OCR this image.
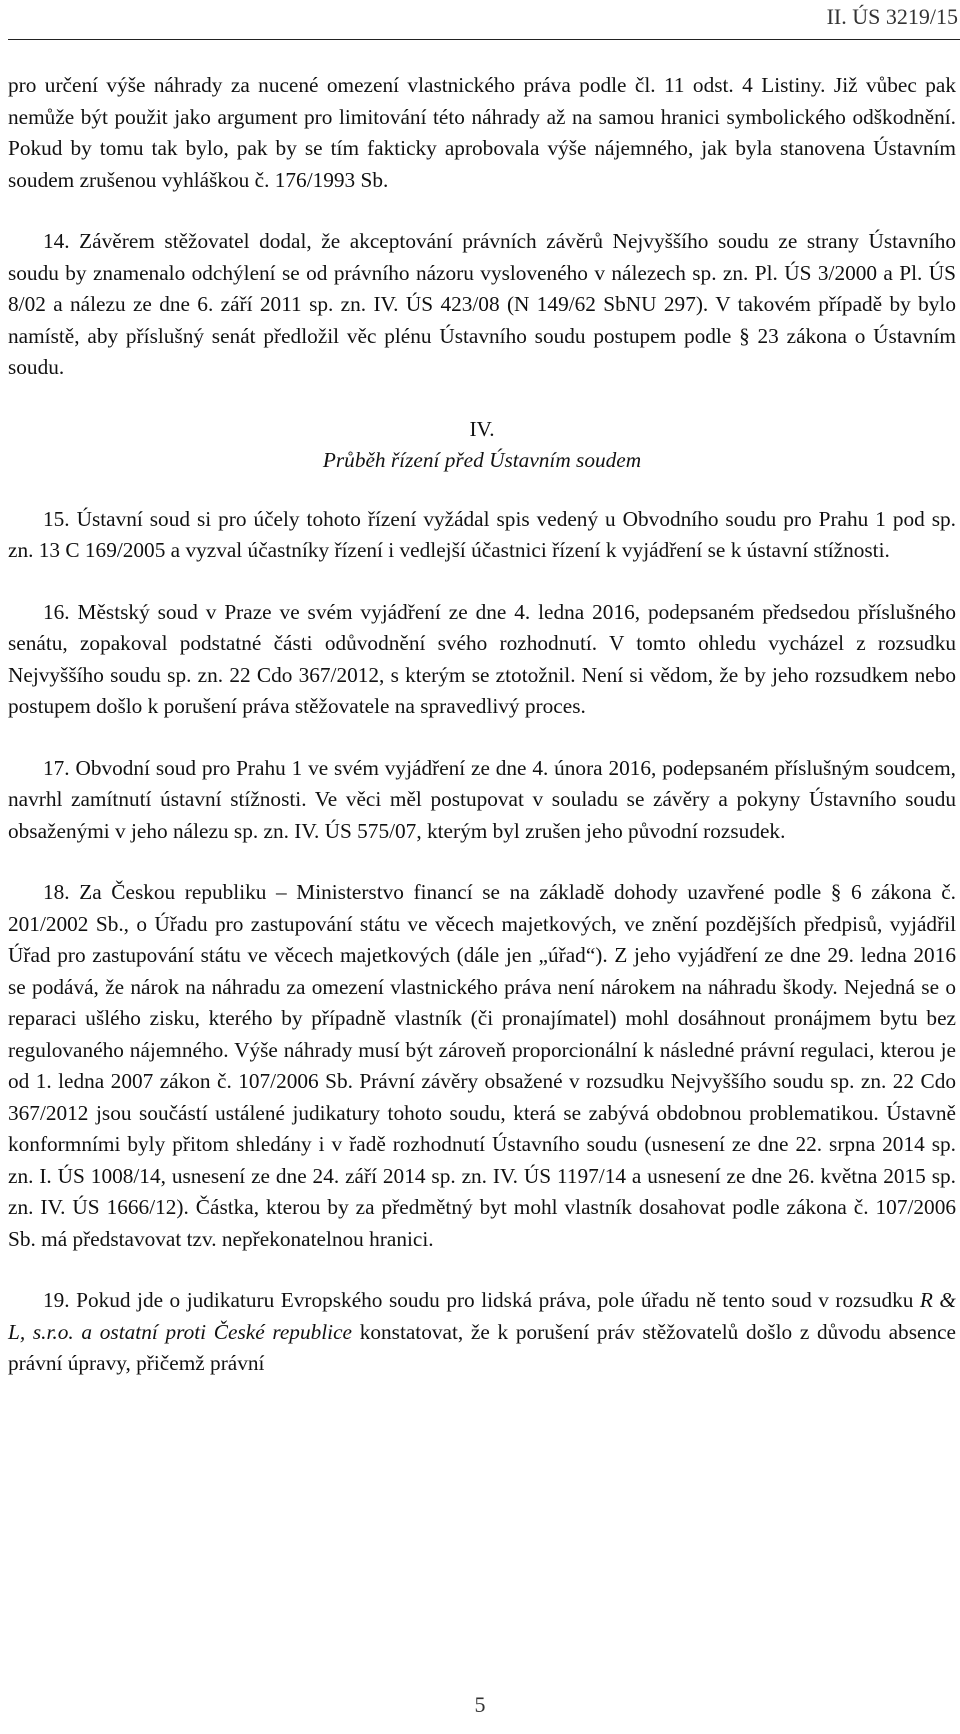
II. ÚS 3219/15

pro určení výše náhrady za nucené omezení vlastnického práva podle čl. 11 odst. 4 Listiny. Již vůbec pak nemůže být použit jako argument pro limitování této náhrady až na samou hranici symbolického odškodnění. Pokud by tomu tak bylo, pak by se tím fakticky aprobovala výše nájemného, jak byla stanovena Ústavním soudem zrušenou vyhláškou č. 176/1993 Sb.

14. Závěrem stěžovatel dodal, že akceptování právních závěrů Nejvyššího soudu ze strany Ústavního soudu by znamenalo odchýlení se od právního názoru vysloveného v nálezech sp. zn. Pl. ÚS 3/2000 a Pl. ÚS 8/02 a nálezu ze dne 6. září 2011 sp. zn. IV. ÚS 423/08 (N 149/62 SbNU 297). V takovém případě by bylo namístě, aby příslušný senát předložil věc plénu Ústavního soudu postupem podle § 23 zákona o Ústavním soudu.

IV.
Průběh řízení před Ústavním soudem

15. Ústavní soud si pro účely tohoto řízení vyžádal spis vedený u Obvodního soudu pro Prahu 1 pod sp. zn. 13 C 169/2005 a vyzval účastníky řízení i vedlejší účastnici řízení k vyjádření se k ústavní stížnosti.

16. Městský soud v Praze ve svém vyjádření ze dne 4. ledna 2016, podepsaném předsedou příslušného senátu, zopakoval podstatné části odůvodnění svého rozhodnutí. V tomto ohledu vycházel z rozsudku Nejvyššího soudu sp. zn. 22 Cdo 367/2012, s kterým se ztotožnil. Není si vědom, že by jeho rozsudkem nebo postupem došlo k porušení práva stěžovatele na spravedlivý proces.

17. Obvodní soud pro Prahu 1 ve svém vyjádření ze dne 4. února 2016, podepsaném příslušným soudcem, navrhl zamítnutí ústavní stížnosti. Ve věci měl postupovat v souladu se závěry a pokyny Ústavního soudu obsaženými v jeho nálezu sp. zn. IV. ÚS 575/07, kterým byl zrušen jeho původní rozsudek.

18. Za Českou republiku – Ministerstvo financí se na základě dohody uzavřené podle § 6 zákona č. 201/2002 Sb., o Úřadu pro zastupování státu ve věcech majetkových, ve znění pozdějších předpisů, vyjádřil Úřad pro zastupování státu ve věcech majetkových (dále jen „úřad“). Z jeho vyjádření ze dne 29. ledna 2016 se podává, že nárok na náhradu za omezení vlastnického práva není nárokem na náhradu škody. Nejedná se o reparaci ušlého zisku, kterého by případně vlastník (či pronajímatel) mohl dosáhnout pronájmem bytu bez regulovaného nájemného. Výše náhrady musí být zároveň proporcionální k následné právní regulaci, kterou je od 1. ledna 2007 zákon č. 107/2006 Sb. Právní závěry obsažené v rozsudku Nejvyššího soudu sp. zn. 22 Cdo 367/2012 jsou součástí ustálené judikatury tohoto soudu, která se zabývá obdobnou problematikou. Ústavně konformními byly přitom shledány i v řadě rozhodnutí Ústavního soudu (usnesení ze dne 22. srpna 2014 sp. zn. I. ÚS 1008/14, usnesení ze dne 24. září 2014 sp. zn. IV. ÚS 1197/14 a usnesení ze dne 26. května 2015 sp. zn. IV. ÚS 1666/12). Částka, kterou by za předmětný byt mohl vlastník dosahovat podle zákona č. 107/2006 Sb. má představovat tzv. nepřekonatelnou hranici.

19. Pokud jde o judikaturu Evropského soudu pro lidská práva, pole úřadu ně tento soud v rozsudku R & L, s.r.o. a ostatní proti České republice konstatovat, že k porušení práv stěžovatelů došlo z důvodu absence právní úpravy, přičemž právní

5
